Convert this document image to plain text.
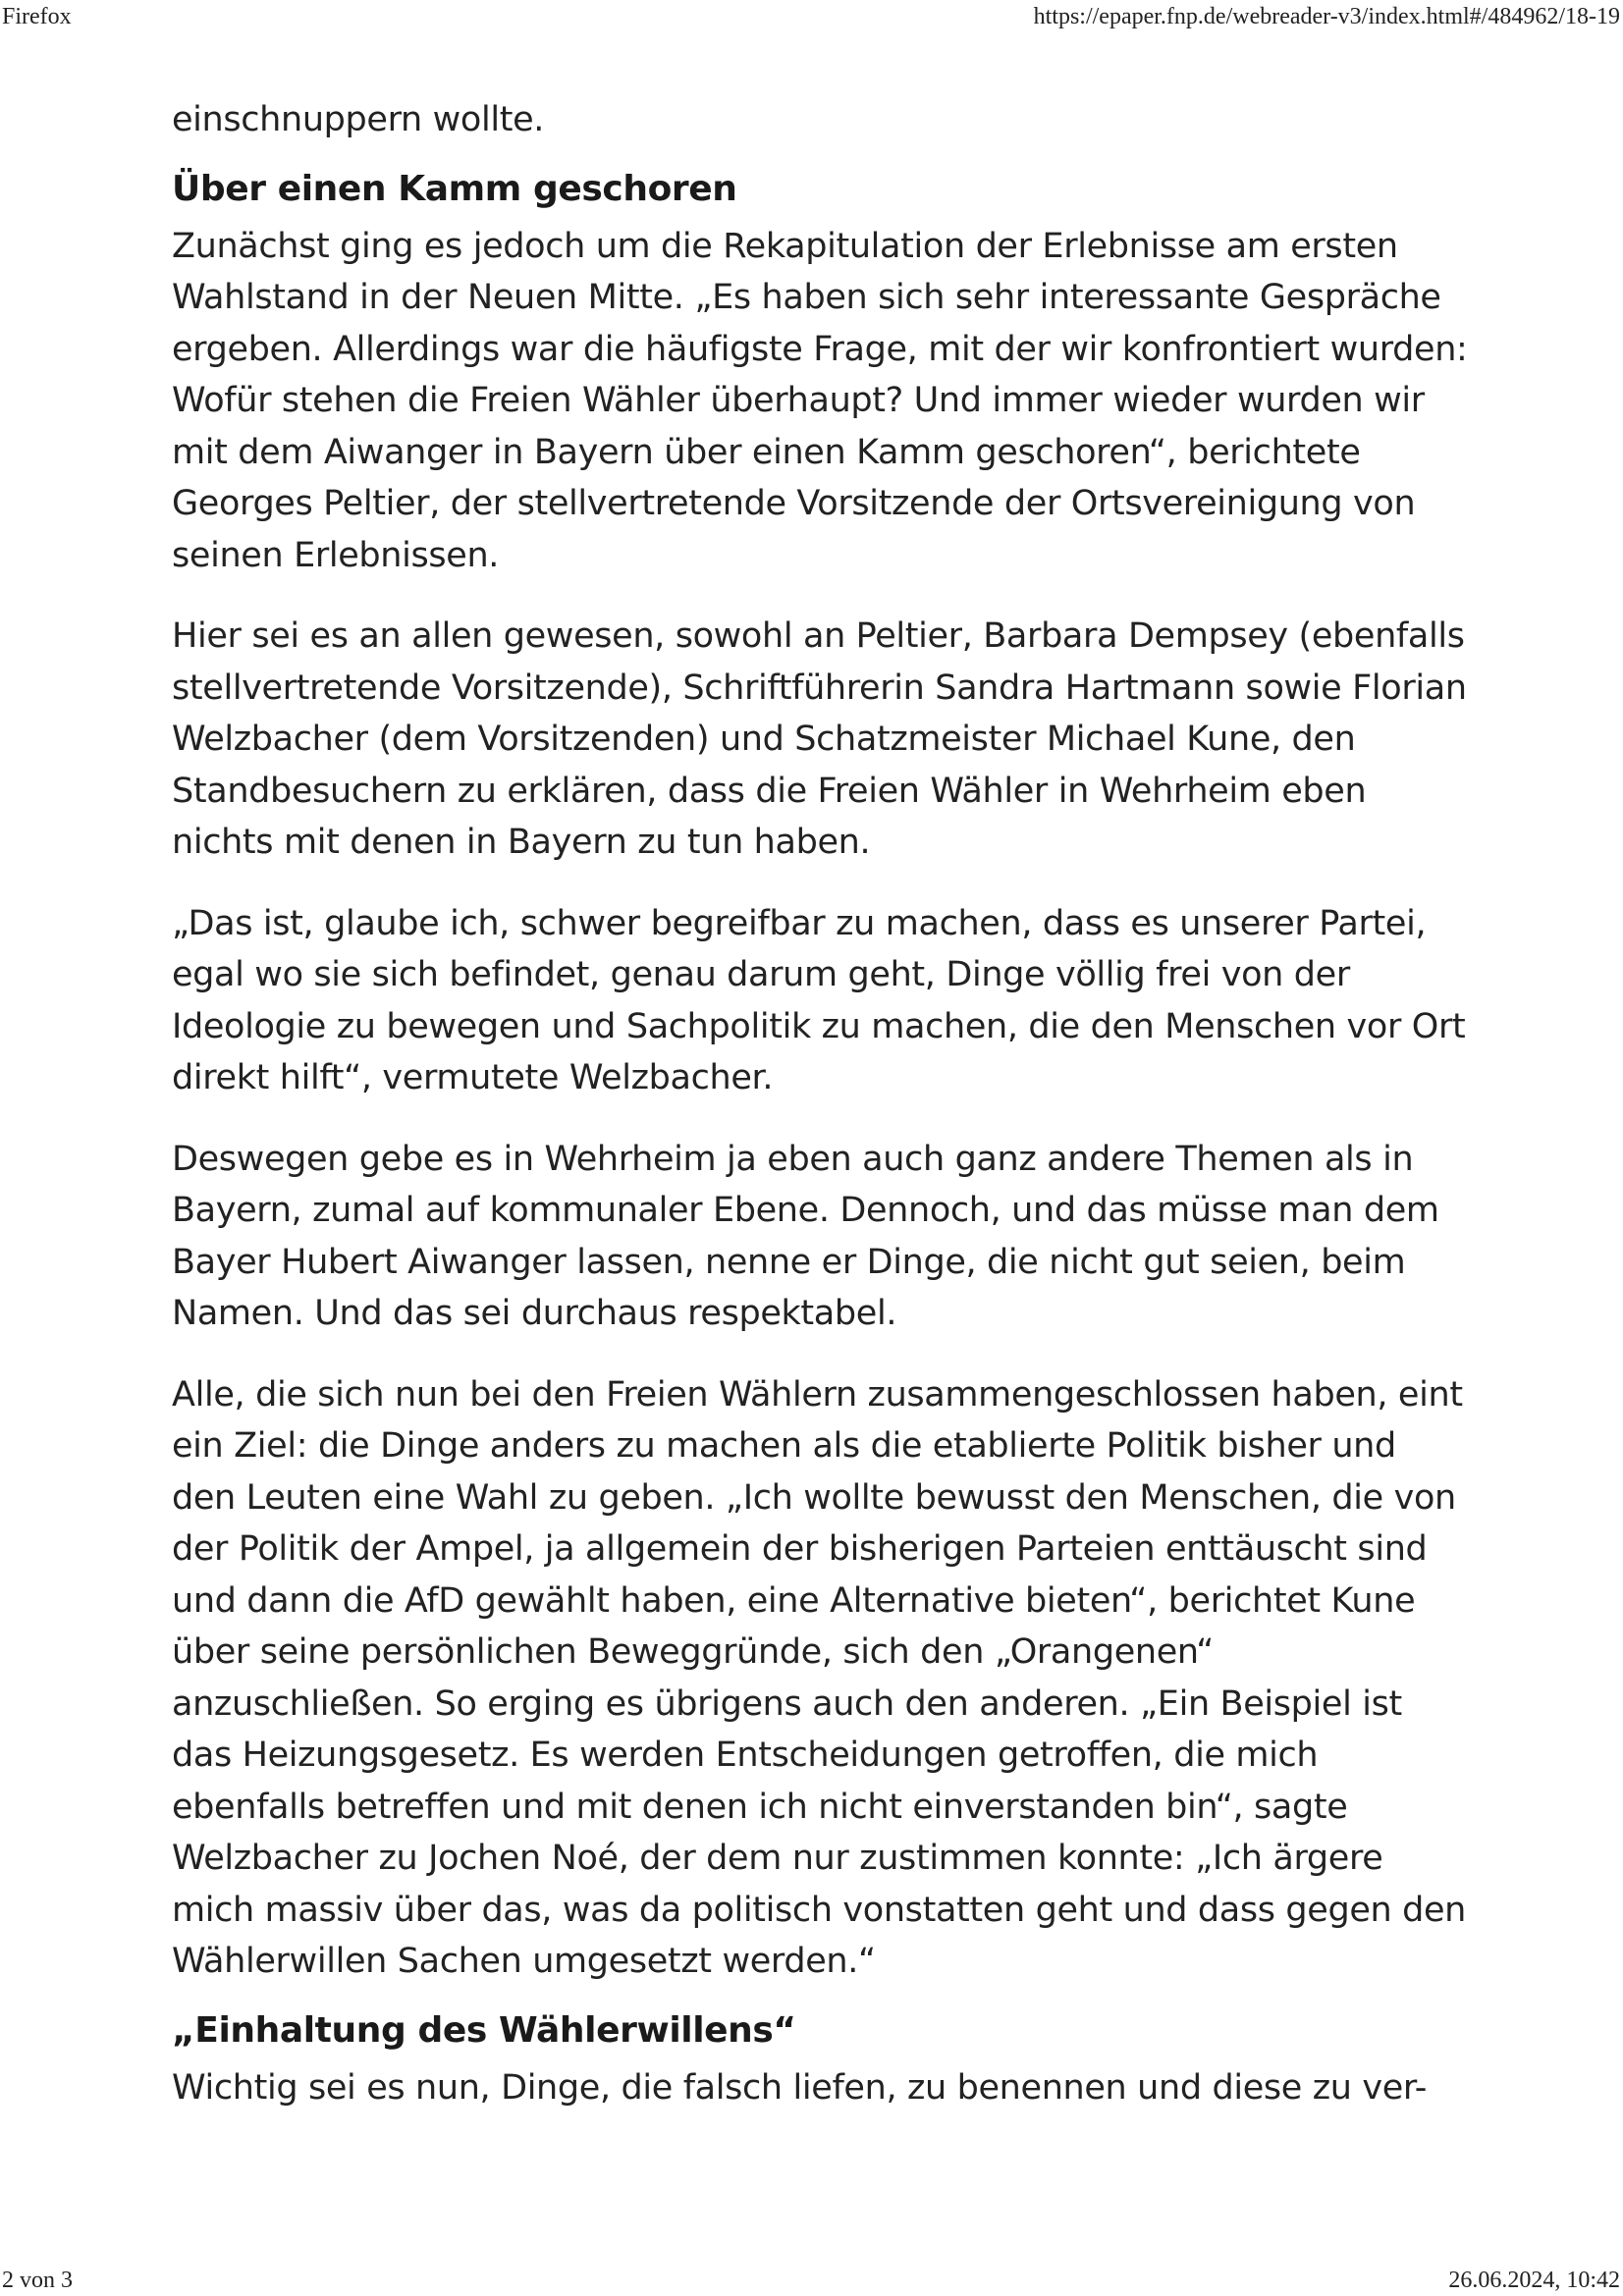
Firefox	https://epaper.fnp.de/webreader-v3/index.html#/484962/18-19

einschnuppern wollte.

Über einen Kamm geschoren

Zunächst ging es jedoch um die Rekapitulation der Erlebnisse am ersten Wahlstand in der Neuen Mitte. „Es haben sich sehr interessante Gespräche ergeben. Allerdings war die häufigste Frage, mit der wir konfrontiert wurden: Wofür stehen die Freien Wähler überhaupt? Und immer wieder wurden wir mit dem Aiwanger in Bayern über einen Kamm geschoren“, berichtete Georges Peltier, der stellvertretende Vorsitzende der Ortsvereinigung von seinen Erlebnissen.

Hier sei es an allen gewesen, sowohl an Peltier, Barbara Dempsey (ebenfalls stellvertretende Vorsitzende), Schriftführerin Sandra Hartmann sowie Florian Welzbacher (dem Vorsitzenden) und Schatzmeister Michael Kune, den Standbesuchern zu erklären, dass die Freien Wähler in Wehrheim eben nichts mit denen in Bayern zu tun haben.

„Das ist, glaube ich, schwer begreifbar zu machen, dass es unserer Partei, egal wo sie sich befindet, genau darum geht, Dinge völlig frei von der Ideologie zu bewegen und Sachpolitik zu machen, die den Menschen vor Ort direkt hilft“, vermutete Welzbacher.

Deswegen gebe es in Wehrheim ja eben auch ganz andere Themen als in Bayern, zumal auf kommunaler Ebene. Dennoch, und das müsse man dem Bayer Hubert Aiwanger lassen, nenne er Dinge, die nicht gut seien, beim Namen. Und das sei durchaus respektabel.

Alle, die sich nun bei den Freien Wählern zusammengeschlossen haben, eint ein Ziel: die Dinge anders zu machen als die etablierte Politik bisher und den Leuten eine Wahl zu geben. „Ich wollte bewusst den Menschen, die von der Politik der Ampel, ja allgemein der bisherigen Parteien enttäuscht sind und dann die AfD gewählt haben, eine Alternative bieten“, berichtet Kune über seine persönlichen Beweggründe, sich den „Orangenen“ anzuschließen. So erging es übrigens auch den anderen. „Ein Beispiel ist das Heizungsgesetz. Es werden Entscheidungen getroffen, die mich ebenfalls betreffen und mit denen ich nicht einverstanden bin“, sagte Welzbacher zu Jochen Noé, der dem nur zustimmen konnte: „Ich ärgere mich massiv über das, was da politisch vonstatten geht und dass gegen den Wählerwillen Sachen umgesetzt werden.“

„Einhaltung des Wählerwillens“

Wichtig sei es nun, Dinge, die falsch liefen, zu benennen und diese zu ver-

2 von 3	26.06.2024, 10:42
